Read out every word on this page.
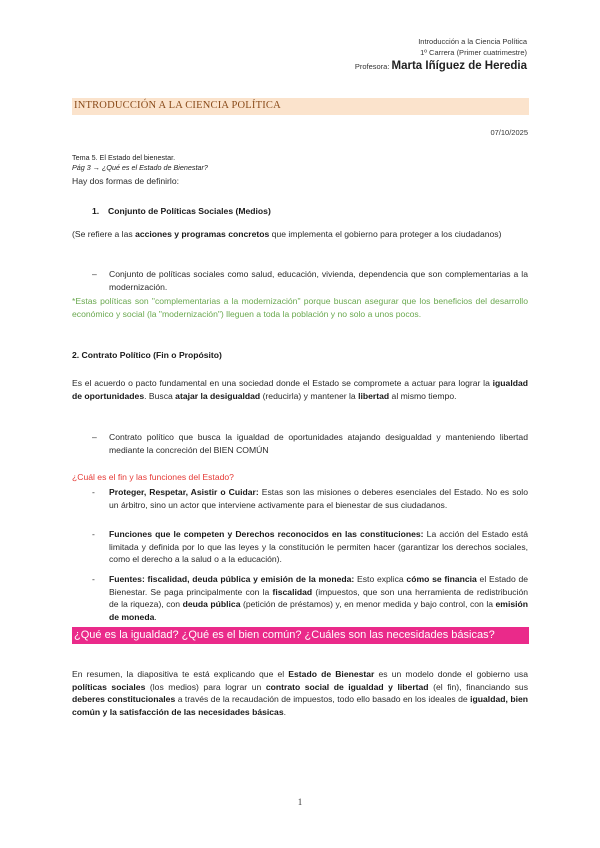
Introducción a la Ciencia Política
1º Carrera (Primer cuatrimestre)
Profesora: Marta Iñíguez de Heredia
INTRODUCCIÓN A LA CIENCIA POLÍTICA
07/10/2025
Tema 5. El Estado del bienestar.
Pág 3 → ¿Qué es el Estado de Bienestar?

Hay dos formas de definirlo:

1. Conjunto de Políticas Sociales (Medios)

(Se refiere a las acciones y programas concretos que implementa el gobierno para proteger a los ciudadanos)

– Conjunto de políticas sociales como salud, educación, vivienda, dependencia que son complementarias a la modernización.
*Estas políticas son "complementarias a la modernización" porque buscan asegurar que los beneficios del desarrollo económico y social (la "modernización") lleguen a toda la población y no solo a unos pocos.
2. Contrato Político (Fin o Propósito)

Es el acuerdo o pacto fundamental en una sociedad donde el Estado se compromete a actuar para lograr la igualdad de oportunidades. Busca atajar la desigualdad (reducirla) y mantener la libertad al mismo tiempo.

– Contrato político que busca la igualdad de oportunidades atajando desigualdad y manteniendo libertad mediante la concreción del BIEN COMÚN
¿Cuál es el fin y las funciones del Estado?
- Proteger, Respetar, Asistir o Cuidar: Estas son las misiones o deberes esenciales del Estado. No es solo un árbitro, sino un actor que interviene activamente para el bienestar de sus ciudadanos.
- Funciones que le competen y Derechos reconocidos en las constituciones: La acción del Estado está limitada y definida por lo que las leyes y la constitución le permiten hacer (garantizar los derechos sociales, como el derecho a la salud o a la educación).
- Fuentes: fiscalidad, deuda pública y emisión de la moneda: Esto explica cómo se financia el Estado de Bienestar. Se paga principalmente con la fiscalidad (impuestos, que son una herramienta de redistribución de la riqueza), con deuda pública (petición de préstamos) y, en menor medida y bajo control, con la emisión de moneda.
¿Qué es la igualdad? ¿Qué es el bien común? ¿Cuáles son las necesidades básicas?

En resumen, la diapositiva te está explicando que el Estado de Bienestar es un modelo donde el gobierno usa políticas sociales (los medios) para lograr un contrato social de igualdad y libertad (el fin), financiando sus deberes constitucionales a través de la recaudación de impuestos, todo ello basado en los ideales de igualdad, bien común y la satisfacción de las necesidades básicas.

1
